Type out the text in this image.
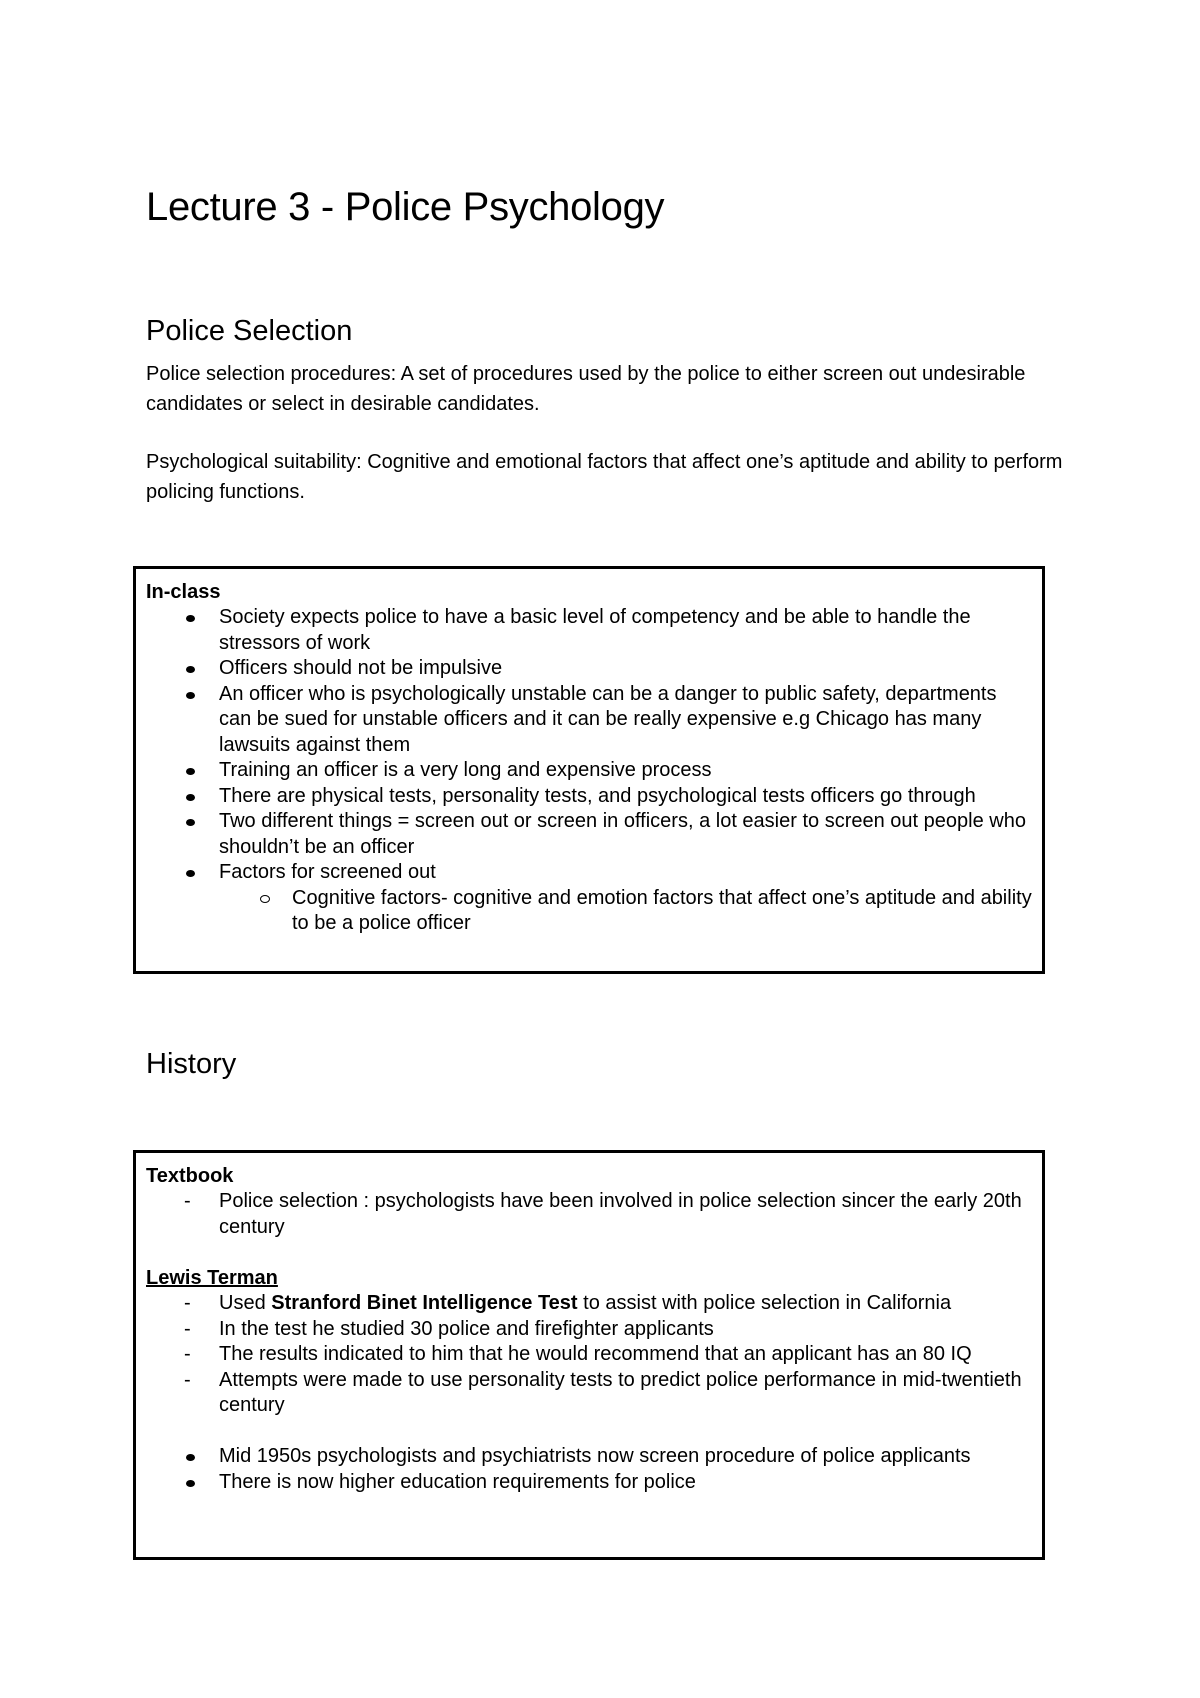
Lecture 3 - Police Psychology
Police Selection

Police selection procedures: A set of procedures used by the police to either screen out undesirable candidates or select in desirable candidates.

Psychological suitability: Cognitive and emotional factors that affect one’s aptitude and ability to perform policing functions.

In-class

Society expects police to have a basic level of competency and be able to handle the stressors of work
Officers should not be impulsive
An officer who is psychologically unstable can be a danger to public safety, departments can be sued for unstable officers and it can be really expensive e.g Chicago has many lawsuits against them
Training an officer is a very long and expensive process
There are physical tests, personality tests, and psychological tests officers go through
Two different things = screen out or screen in officers, a lot easier to screen out people who shouldn’t be an officer
Factors for screened out
Cognitive factors- cognitive and emotion factors that affect one’s aptitude and ability to be a police officer
History

Textbook

- Police selection : psychologists have been involved in police selection sincer the early 20th century

Lewis Terman

- Used Stranford Binet Intelligence Test to assist with police selection in California
- In the test he studied 30 police and firefighter applicants
- The results indicated to him that he would recommend that an applicant has an 80 IQ
- Attempts were made to use personality tests to predict police performance in mid-twentieth century
Mid 1950s psychologists and psychiatrists now screen procedure of police applicants
There is now higher education requirements for police
